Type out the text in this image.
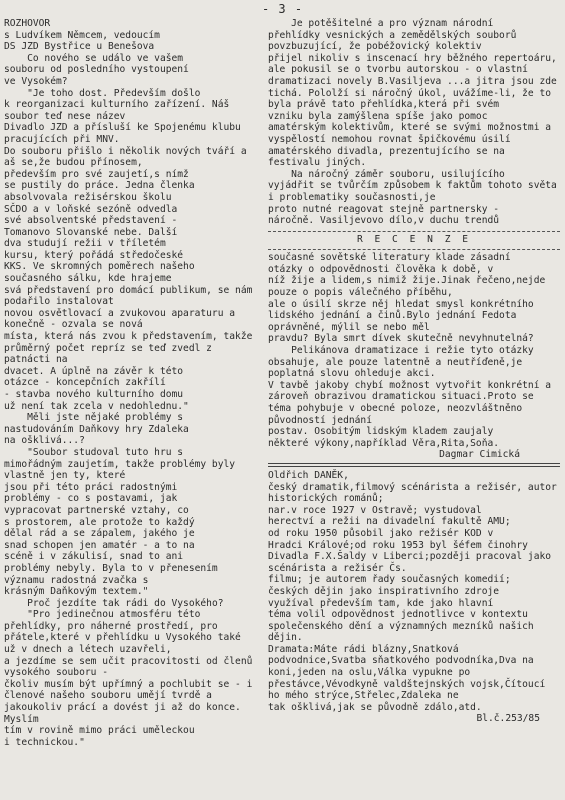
- 3 -

ROZHOVOR
s Ludvíkem Němcem, vedoucím
DS JZD Bystřice u Benešova
Co nového se událo ve vašem
souboru od posledního vystoupení
ve Vysokém?
"Je toho dost. Především došlo
k reorganizaci kulturního zařízení. Náš soubor teď nese název
Divadlo JZD a přísluší ke Spojenému klubu pracujících při MNV.
Do souboru přišlo i několik nových tváří a aš se,že budou přínosem,
především pro své zaujetí,s nímž
se pustily do práce. Jedna členka absolvovala režisérskou školu
SČDO a v loňské sezóně odvedla
své absolventské představení -
Tomanovo Slovanské nebe. Další
dva studují režii v tříletém
kursu, který pořádá středočeské
KKS. Ve skromných poměrech našeho
současného sálku, kde hrajeme
svá představení pro domácí publikum, se nám podařilo instalovat
novou osvětlovací a zvukovou aparaturu a konečně - ozvala se nová
místa, která nás zvou k představením, takže průměrný počet repríz se teď zvedl z patnácti na
dvacet. A úplně na závěr k této
otázce - koncepčních zakřílí
- stavba nového kulturního domu
už není tak zcela v nedohlednu."
Měli jste nějaké problémy s
nastudováním Daňkovy hry Zdaleka
na ošklivá...?
"Soubor studoval tuto hru s
mimořádným zaujetím, takže problémy byly vlastně jen ty, které
jsou při této práci radostnými
problémy - co s postavami, jak
vypracovat partnerské vztahy, co
s prostorem, ale protože to každý
dělal rád a se zápalem, jakého je
snad schopen jen amatér - a to na
scéně i v zákulisí, snad to ani
problémy nebyly. Byla to v přenesením významu radostná zvačka s
krásným Daňkovým textem."
Proč jezdíte tak rádi do Vysokého?
"Pro jedinečnou atmosféru této přehlídky, pro náherné prostředí, pro přátele,které v přehlídku u Vysokého také už v dnech a létech uzavřeli,
a jezdíme se sem učit pracovitosti od členů vysokého souboru -
čkoliv musím být upřímný a pochlubit se - i členové našeho souboru umějí tvrdě a jakoukoliv prácí a dovést ji až do konce. Myslím
tím v rovině mimo práci uměleckou
i technickou."

Je potěšitelné a pro význam národní
přehlídky vesnických a zemědělských souborů povzbuzující, že pobéžovický kolektiv
přijel nikoliv s inscenací hry běžného repertoáru, ale pokusil se o tvorbu autorskou - o vlastní dramatizaci novely B.Vasiljeva ...a jitra jsou zde tichá. Pololží si náročný úkol, uvážíme-li, že to
byla právě tato přehlídka,která při svém
vzniku byla zamýšlena spíše jako pomoc
amatérským kolektivům, které se svými možnostmi a vyspělostí nemohou rovnat špičkovému úsilí amatérského divadla, prezentujícího se na festivalu jiných.
Na náročný záměr souboru, usilujícího
vyjádřit se tvůrčím způsobem k faktům tohoto světa i problematiky současnosti,je
proto nutné reagovat stejně partnersky -
náročně. Vasiljevovo dílo,v duchu trendů

R E C E N Z E

současné sovětské literatury klade zásadní
otázky o odpovědnosti člověka k době, v
níž žije a lidem,s nimiž žije.Jinak řečeno,nejde pouze o popis válečného příběhu,
ale o úsilí skrze něj hledat smysl konkrétního lidského jednání a činů.Bylo jednání Fedota oprávněné, mýlil se nebo měl
pravdu? Byla smrt dívek skutečně nevyhnutelná?
Pelikánova dramatizace i režie tyto otázky obsahuje, ale pouze latentně a neutříďeně,je poplatná slovu ohleduje akci.
V tavbě jakoby chybí možnost vytvořit konkrétní a zároveň obrazivou dramatickou situaci.Proto se téma pohybuje v obecné poloze, neozvláštněno původností jednání
postav. Osobitým lidským kladem zaujaly
některé výkony,například Věra,Rita,Soňa.

Dagmar Cimická

Oldřich DANĚK,
český dramatik,filmový scénárista a režisér, autor historických románů;
nar.v roce 1927 v Ostravě; vystudoval
herectví a režii na divadelní fakultě AMU;
od roku 1950 působil jako režisér KOD v
Hradci Králové;od roku 1953 byl šéfem činohry Divadla F.X.Šaldy v Liberci;později pracoval jako scénárista a režisér Čs.
filmu; je autorem řady současných komedií;
českých dějin jako inspirativního zdroje
využíval především tam, kde jako hlavní
téma volil odpovědnost jednotlivce v kontextu společenského dění a významných mezníků našich dějin.
Dramata:Máte rádi blázny,Snatková podvodnice,Svatba sňatkového podvodníka,Dva na
koni,jeden na oslu,Válka vypukne po přestávce,Vévodkyně valdštejnských vojsk,Čítoucí ho mého strýce,Střelec,Zdaleka ne
tak ošklivá,jak se původně zdálo,atd.

Bl.č.253/85
